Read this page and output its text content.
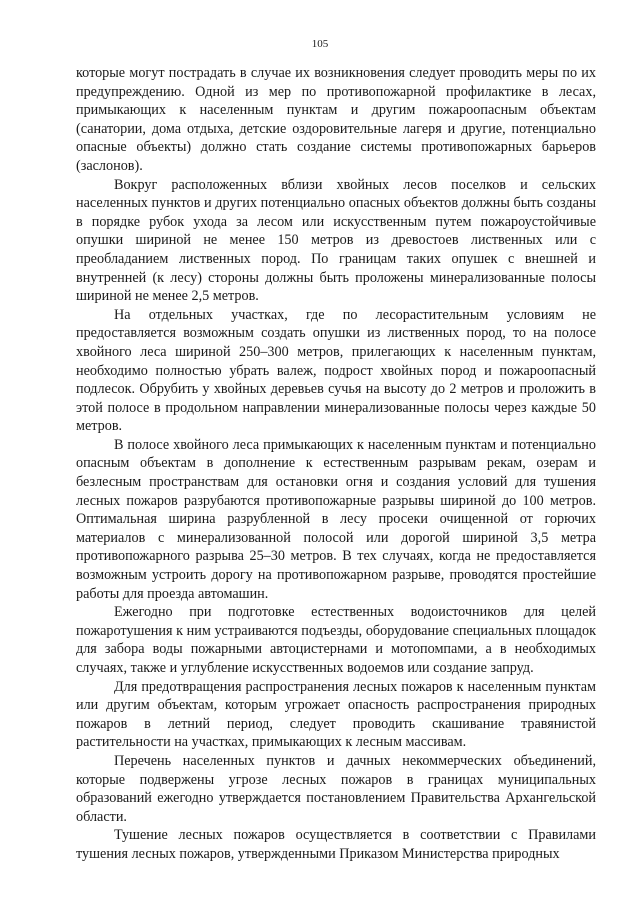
105

которые могут пострадать в случае их возникновения следует проводить меры по их предупреждению. Одной из мер по противопожарной профилактике в лесах, примыкающих к населенным пунктам и другим пожароопасным объектам (санатории, дома отдыха, детские оздоровительные лагеря и другие, потенциально опасные объекты) должно стать создание системы противопожарных барьеров (заслонов).

Вокруг расположенных вблизи хвойных лесов поселков и сельских населенных пунктов и других потенциально опасных объектов должны быть созданы в порядке рубок ухода за лесом или искусственным путем пожароустойчивые опушки шириной не менее 150 метров из древостоев лиственных или с преобладанием лиственных пород. По границам таких опушек с внешней и внутренней (к лесу) стороны должны быть проложены минерализованные полосы шириной не менее 2,5 метров.

На отдельных участках, где по лесорастительным условиям не предоставляется возможным создать опушки из лиственных пород, то на полосе хвойного леса шириной 250–300 метров, прилегающих к населенным пунктам, необходимо полностью убрать валеж, подрост хвойных пород и пожароопасный подлесок. Обрубить у хвойных деревьев сучья на высоту до 2 метров и проложить в этой полосе в продольном направлении минерализованные полосы через каждые 50 метров.

В полосе хвойного леса примыкающих к населенным пунктам и потенциально опасным объектам в дополнение к естественным разрывам рекам, озерам и безлесным пространствам для остановки огня и создания условий для тушения лесных пожаров разрубаются противопожарные разрывы шириной до 100 метров. Оптимальная ширина разрубленной в лесу просеки очищенной от горючих материалов с минерализованной полосой или дорогой шириной 3,5 метра противопожарного разрыва 25–30 метров. В тех случаях, когда не предоставляется возможным устроить дорогу на противопожарном разрыве, проводятся простейшие работы для проезда автомашин.

Ежегодно при подготовке естественных водоисточников для целей пожаротушения к ним устраиваются подъезды, оборудование специальных площадок для забора воды пожарными автоцистернами и мотопомпами, а в необходимых случаях, также и углубление искусственных водоемов или создание запруд.

Для предотвращения распространения лесных пожаров к населенным пунктам или другим объектам, которым угрожает опасность распространения природных пожаров в летний период, следует проводить скашивание травянистой растительности на участках, примыкающих к лесным массивам.

Перечень населенных пунктов и дачных некоммерческих объединений, которые подвержены угрозе лесных пожаров в границах муниципальных образований ежегодно утверждается постановлением Правительства Архангельской области.

Тушение лесных пожаров осуществляется в соответствии с Правилами тушения лесных пожаров, утвержденными Приказом Министерства природных
